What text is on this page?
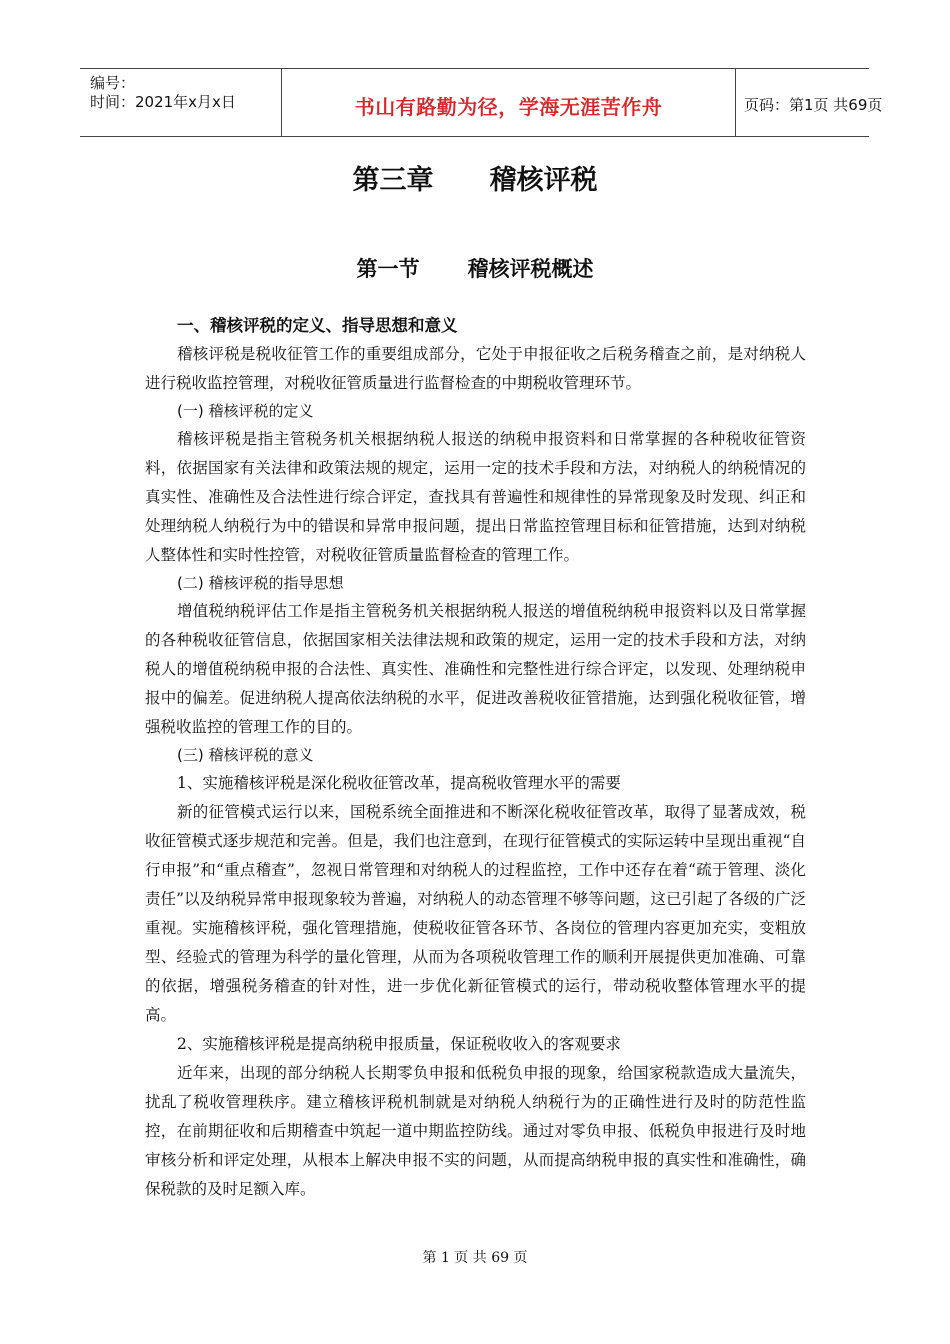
编号：
时间：2021年x月x日	书山有路勤为径，学海无涯苦作舟	页码：第1页 共69页
第三章 稽核评税
第一节 稽核评税概述
一、稽核评税的定义、指导思想和意义

稽核评税是税收征管工作的重要组成部分，它处于申报征收之后税务稽查之前，是对纳税人进行税收监控管理，对税收征管质量进行监督检查的中期税收管理环节。

(一) 稽核评税的定义

稽核评税是指主管税务机关根据纳税人报送的纳税申报资料和日常掌握的各种税收征管资料，依据国家有关法律和政策法规的规定，运用一定的技术手段和方法，对纳税人的纳税情况的真实性、准确性及合法性进行综合评定，查找具有普遍性和规律性的异常现象及时发现、纠正和处理纳税人纳税行为中的错误和异常申报问题，提出日常监控管理目标和征管措施，达到对纳税人整体性和实时性控管，对税收征管质量监督检查的管理工作。

(二) 稽核评税的指导思想

增值税纳税评估工作是指主管税务机关根据纳税人报送的增值税纳税申报资料以及日常掌握的各种税收征管信息，依据国家相关法律法规和政策的规定，运用一定的技术手段和方法，对纳税人的增值税纳税申报的合法性、真实性、准确性和完整性进行综合评定，以发现、处理纳税申报中的偏差。促进纳税人提高依法纳税的水平，促进改善税收征管措施，达到强化税收征管，增强税收监控的管理工作的目的。

(三) 稽核评税的意义

1、实施稽核评税是深化税收征管改革，提高税收管理水平的需要

新的征管模式运行以来，国税系统全面推进和不断深化税收征管改革，取得了显著成效，税收征管模式逐步规范和完善。但是，我们也注意到，在现行征管模式的实际运转中呈现出重视“自行申报”和“重点稽查”，忽视日常管理和对纳税人的过程监控，工作中还存在着“疏于管理、淡化责任”以及纳税异常申报现象较为普遍，对纳税人的动态管理不够等问题，这已引起了各级的广泛重视。实施稽核评税，强化管理措施，使税收征管各环节、各岗位的管理内容更加充实，变粗放型、经验式的管理为科学的量化管理，从而为各项税收管理工作的顺利开展提供更加准确、可靠的依据，增强税务稽查的针对性，进一步优化新征管模式的运行，带动税收整体管理水平的提高。

2、实施稽核评税是提高纳税申报质量，保证税收收入的客观要求

近年来，出现的部分纳税人长期零负申报和低税负申报的现象，给国家税款造成大量流失，扰乱了税收管理秩序。建立稽核评税机制就是对纳税人纳税行为的正确性进行及时的防范性监控，在前期征收和后期稽查中筑起一道中期监控防线。通过对零负申报、低税负申报进行及时地审核分析和评定处理，从根本上解决申报不实的问题，从而提高纳税申报的真实性和准确性，确保税款的及时足额入库。

第 1 页 共 69 页
